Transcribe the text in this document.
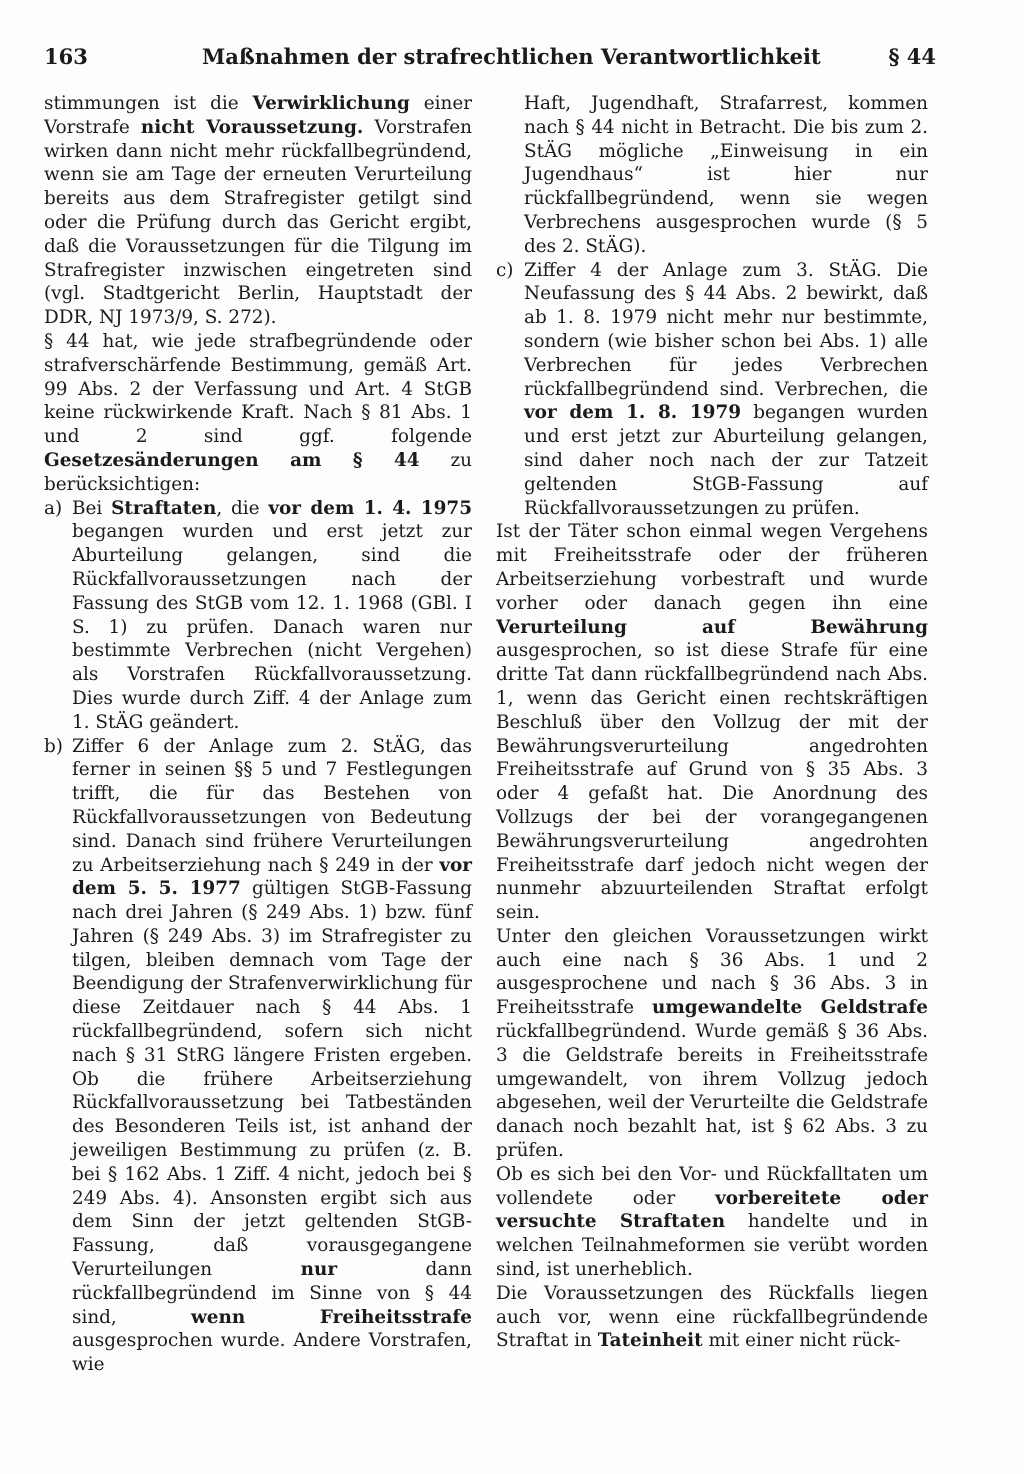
163	Maßnahmen der strafrechtlichen Verantwortlichkeit	§ 44

stimmungen ist die Verwirklichung einer Vorstrafe nicht Voraussetzung. Vorstrafen wirken dann nicht mehr rückfallbegründend, wenn sie am Tage der erneuten Verurteilung bereits aus dem Strafregister getilgt sind oder die Prüfung durch das Gericht ergibt, daß die Voraussetzungen für die Tilgung im Strafregister inzwischen eingetreten sind (vgl. Stadtgericht Berlin, Hauptstadt der DDR, NJ 1973/9, S. 272).

§ 44 hat, wie jede strafbegründende oder strafverschärfende Bestimmung, gemäß Art. 99 Abs. 2 der Verfassung und Art. 4 StGB keine rückwirkende Kraft. Nach § 81 Abs. 1 und 2 sind ggf. folgende Gesetzesänderungen am § 44 zu berücksichtigen:

a) Bei Straftaten, die vor dem 1. 4. 1975 begangen wurden und erst jetzt zur Aburteilung gelangen, sind die Rückfallvoraussetzungen nach der Fassung des StGB vom 12. 1. 1968 (GBl. I S. 1) zu prüfen. Danach waren nur bestimmte Verbrechen (nicht Vergehen) als Vorstrafen Rückfallvoraussetzung. Dies wurde durch Ziff. 4 der Anlage zum 1. StÄG geändert.
b) Ziffer 6 der Anlage zum 2. StÄG, das ferner in seinen §§ 5 und 7 Festlegungen trifft, die für das Bestehen von Rückfallvoraussetzungen von Bedeutung sind. Danach sind frühere Verurteilungen zu Arbeitserziehung nach § 249 in der vor dem 5. 5. 1977 gültigen StGB-Fassung nach drei Jahren (§ 249 Abs. 1) bzw. fünf Jahren (§ 249 Abs. 3) im Strafregister zu tilgen, bleiben demnach vom Tage der Beendigung der Strafenverwirklichung für diese Zeitdauer nach § 44 Abs. 1 rückfallbegründend, sofern sich nicht nach § 31 StRG längere Fristen ergeben. Ob die frühere Arbeitserziehung Rückfallvoraussetzung bei Tatbeständen des Besonderen Teils ist, ist anhand der jeweiligen Bestimmung zu prüfen (z. B. bei § 162 Abs. 1 Ziff. 4 nicht, jedoch bei § 249 Abs. 4). Ansonsten ergibt sich aus dem Sinn der jetzt geltenden StGB-Fassung, daß vorausgegangene Verurteilungen nur dann rückfallbegründend im Sinne von § 44 sind, wenn Freiheitsstrafe ausgesprochen wurde. Andere Vorstrafen, wie
Haft, Jugendhaft, Strafarrest, kommen nach § 44 nicht in Betracht. Die bis zum 2. StÄG mögliche „Einweisung in ein Jugendhaus“ ist hier nur rückfallbegründend, wenn sie wegen Verbrechens ausgesprochen wurde (§ 5 des 2. StÄG).
c) Ziffer 4 der Anlage zum 3. StÄG. Die Neufassung des § 44 Abs. 2 bewirkt, daß ab 1. 8. 1979 nicht mehr nur bestimmte, sondern (wie bisher schon bei Abs. 1) alle Verbrechen für jedes Verbrechen rückfallbegründend sind. Verbrechen, die vor dem 1. 8. 1979 begangen wurden und erst jetzt zur Aburteilung gelangen, sind daher noch nach der zur Tatzeit geltenden StGB-Fassung auf Rückfallvoraussetzungen zu prüfen.

Ist der Täter schon einmal wegen Vergehens mit Freiheitsstrafe oder der früheren Arbeitserziehung vorbestraft und wurde vorher oder danach gegen ihn eine Verurteilung auf Bewährung ausgesprochen, so ist diese Strafe für eine dritte Tat dann rückfallbegründend nach Abs. 1, wenn das Gericht einen rechtskräftigen Beschluß über den Vollzug der mit der Bewährungsverurteilung angedrohten Freiheitsstrafe auf Grund von § 35 Abs. 3 oder 4 gefaßt hat. Die Anordnung des Vollzugs der bei der vorangegangenen Bewährungsverurteilung angedrohten Freiheitsstrafe darf jedoch nicht wegen der nunmehr abzuurteilenden Straftat erfolgt sein.

Unter den gleichen Voraussetzungen wirkt auch eine nach § 36 Abs. 1 und 2 ausgesprochene und nach § 36 Abs. 3 in Freiheitsstrafe umgewandelte Geldstrafe rückfallbegründend. Wurde gemäß § 36 Abs. 3 die Geldstrafe bereits in Freiheitsstrafe umgewandelt, von ihrem Vollzug jedoch abgesehen, weil der Verurteilte die Geldstrafe danach noch bezahlt hat, ist § 62 Abs. 3 zu prüfen.

Ob es sich bei den Vor- und Rückfalltaten um vollendete oder vorbereitete oder versuchte Straftaten handelte und in welchen Teilnahmeformen sie verübt worden sind, ist unerheblich.

Die Voraussetzungen des Rückfalls liegen auch vor, wenn eine rückfallbegründende Straftat in Tateinheit mit einer nicht rück-
